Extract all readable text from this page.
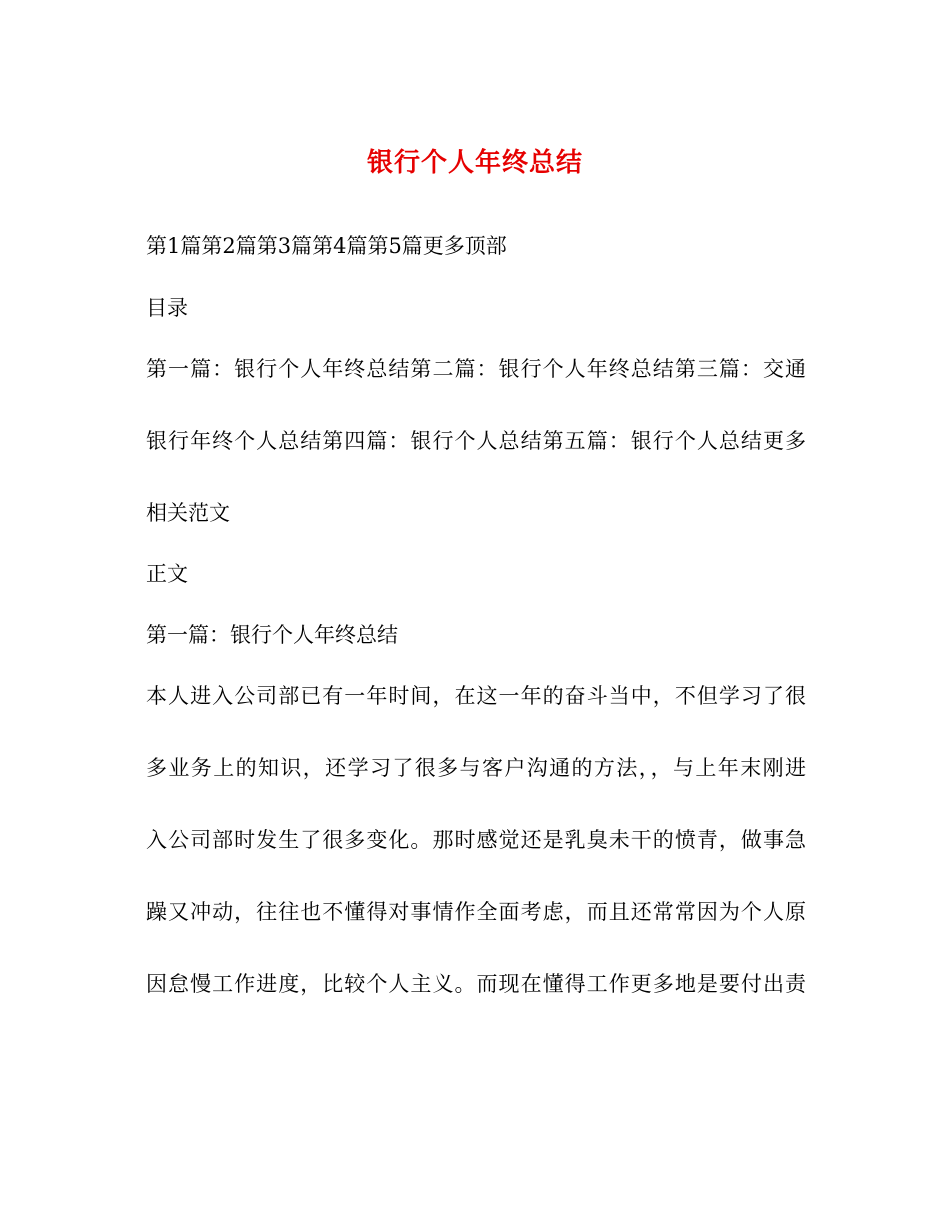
银行个人年终总结
第1篇第2篇第3篇第4篇第5篇更多顶部
目录
第一篇：银行个人年终总结第二篇：银行个人年终总结第三篇：交通
银行年终个人总结第四篇：银行个人总结第五篇：银行个人总结更多
相关范文
正文
第一篇：银行个人年终总结
本人进入公司部已有一年时间，在这一年的奋斗当中，不但学习了很
多业务上的知识，还学习了很多与客户沟通的方法，，与上年末刚进
入公司部时发生了很多变化。那时感觉还是乳臭未干的愤青，做事急
躁又冲动，往往也不懂得对事情作全面考虑，而且还常常因为个人原
因怠慢工作进度，比较个人主义。而现在懂得工作更多地是要付出责
